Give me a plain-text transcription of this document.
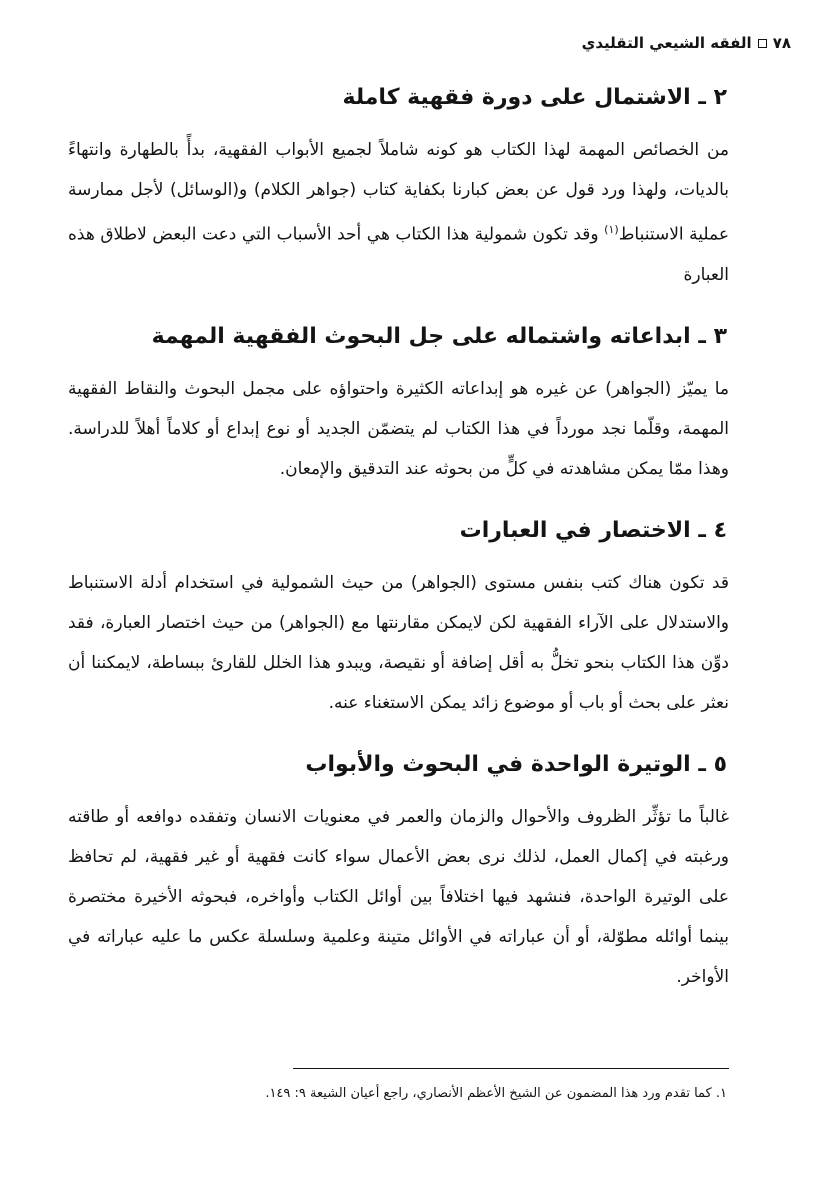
٧٨
الفقه الشيعي التقليدي
٢ ـ الاشتمال على دورة فقهية كاملة

من الخصائص المهمة لهذا الكتاب هو كونه شاملاً لجميع الأبواب الفقهية، بدأً بالطهارة وانتهاءً بالديات، ولهذا ورد قول عن بعض كبارنا بكفاية كتاب (جواهر الكلام) و(الوسائل) لأجل ممارسة عملية الاستنباط$^{(١)}$ وقد تكون شمولية هذا الكتاب هي أحد الأسباب التي دعت البعض لاطلاق هذه العبارة

٣ ـ ابداعاته واشتماله على جل البحوث الفقهية المهمة

ما يميّز (الجواهر) عن غيره هو إبداعاته الكثيرة واحتواؤه على مجمل البحوث والنقاط الفقهية المهمة، وقلّما نجد مورداً في هذا الكتاب لم يتضمّن الجديد أو نوع إبداع أو كلاماً أهلاً للدراسة. وهذا ممّا يمكن مشاهدته في كلٍّ من بحوثه عند التدقيق والإمعان.

٤ ـ الاختصار في العبارات

قد تكون هناك كتب بنفس مستوى (الجواهر) من حيث الشمولية في استخدام أدلة الاستنباط والاستدلال على الآراء الفقهية لكن لايمكن مقارنتها مع (الجواهر) من حيث اختصار العبارة، فقد دوِّن هذا الكتاب بنحو تخلُّ به أقل إضافة أو نقيصة، ويبدو هذا الخلل للقارئ ببساطة، لايمكننا أن نعثر على بحث أو باب أو موضوع زائد يمكن الاستغناء عنه.

٥ ـ الوتيرة الواحدة في البحوث والأبواب

غالباً ما تؤثِّر الظروف والأحوال والزمان والعمر في معنويات الانسان وتفقده دوافعه أو طاقته ورغبته في إكمال العمل، لذلك نرى بعض الأعمال سواء كانت فقهية أو غير فقهية، لم تحافظ على الوتيرة الواحدة، فنشهد فيها اختلافاً بين أوائل الكتاب وأواخره، فبحوثه الأخيرة مختصرة بينما أوائله مطوّلة، أو أن عباراته في الأوائل متينة وعلمية وسلسلة عكس ما عليه عباراته في الأواخر.

١. كما تقدم ورد هذا المضمون عن الشيخ الأعظم الأنصاري، راجع أعيان الشيعة ٩: ١٤٩.
